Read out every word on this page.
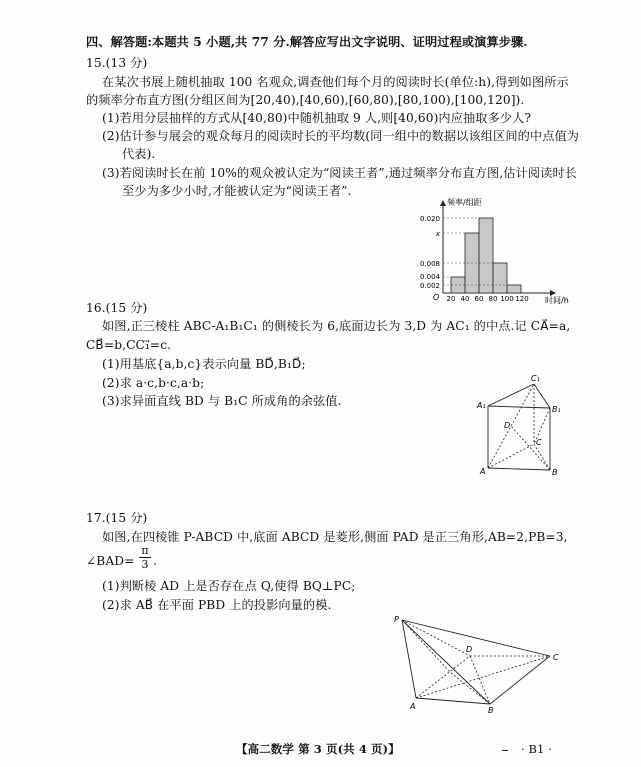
四、解答题:本题共 5 小题,共 77 分.解答应写出文字说明、证明过程或演算步骤.
15.(13 分)
在某次书展上随机抽取 100 名观众,调查他们每个月的阅读时长(单位:h),得到如图所示
的频率分布直方图(分组区间为[20,40),[40,60),[60,80),[80,100),[100,120]).
(1)若用分层抽样的方式从[40,80)中随机抽取 9 人,则[40,60)内应抽取多少人?
(2)估计参与展会的观众每月的阅读时长的平均数(同一组中的数据以该组区间的中点值为
代表).
(3)若阅读时长在前 10%的观众被认定为“阅读王者”,通过频率分布直方图,估计阅读时长
至少为多少小时,才能被认定为“阅读王者”.
频率/组距
时间/h
O
0.020
x
0.008
0.004
0.002
20 40 60 80 100 120
16.(15 分)
如图,正三棱柱 ABC-A₁B₁C₁ 的侧棱长为 6,底面边长为 3,D 为 AC₁ 的中点.记 CA⃗=a,
CB⃗=b,CC₁⃗=c.
(1)用基底{a,b,c}表示向量 BD⃗,B₁D⃗;
(2)求 a·c,b·c,a·b;
(3)求异面直线 BD 与 B₁C 所成角的余弦值.
C₁
A₁	B₁
D
C
A	B
17.(15 分)
如图,在四棱锥 P-ABCD 中,底面 ABCD 是菱形,侧面 PAD 是正三角形,AB=2,PB=3,
∠BAD= $\frac{\pi}{3}$ .
(1)判断棱 AD 上是否存在点 Q,使得 BQ⊥PC;
(2)求 AB⃗ 在平面 PBD 上的投影向量的模.
P
D
C
A	B
【高二数学 第 3 页(共 4 页)】	· B1 ·
